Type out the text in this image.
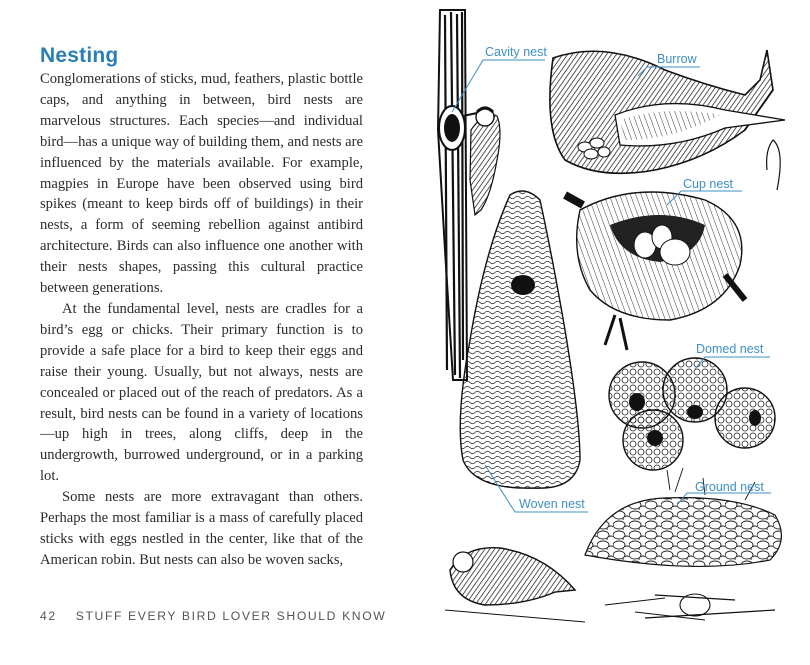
Nesting

Conglomerations of sticks, mud, feathers, plastic bottle caps, and anything in between, bird nests are marvelous structures. Each species—and individual bird—has a unique way of building them, and nests are influenced by the materials available. For example, magpies in Europe have been observed using bird spikes (meant to keep birds off of buildings) in their nests, a form of seeming rebellion against antibird architecture. Birds can also influence one another with their nests shapes, passing this cultural practice between generations.

At the fundamental level, nests are cradles for a bird’s egg or chicks. Their primary function is to provide a safe place for a bird to keep their eggs and raise their young. Usually, but not always, nests are concealed or placed out of the reach of predators. As a result, bird nests can be found in a variety of locations—up high in trees, along cliffs, deep in the undergrowth, burrowed underground, or in a parking lot.

Some nests are more extravagant than others. Perhaps the most familiar is a mass of carefully placed sticks with eggs nestled in the center, like that of the American robin. But nests can also be woven sacks,

42 STUFF EVERY BIRD LOVER SHOULD KNOW
Cavity nest	Burrow
Cup nest
Domed nest
Woven nest
Ground nest
